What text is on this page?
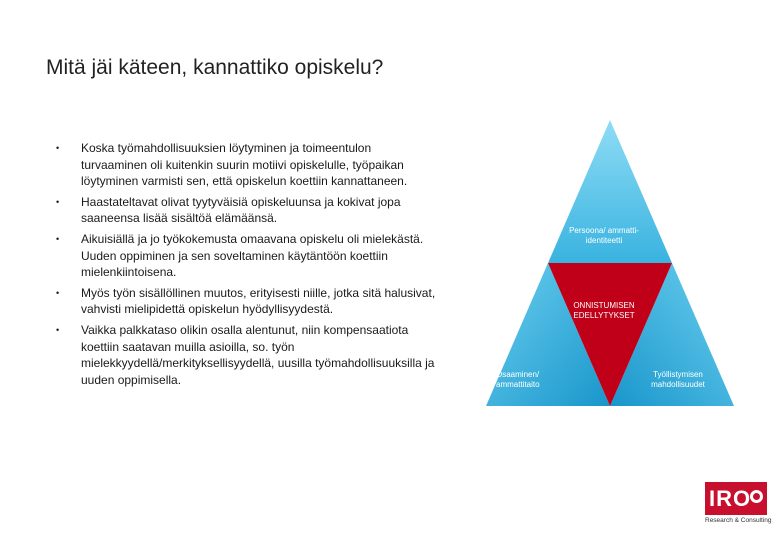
Mitä jäi käteen, kannattiko opiskelu?
• Koska työmahdollisuuksien löytyminen ja toimeentulon turvaaminen oli kuitenkin suurin motiivi opiskelulle, työpaikan löytyminen varmisti sen, että opiskelun koettiin kannattaneen.
• Haastateltavat olivat tyytyväisiä opiskeluunsa ja kokivat jopa saaneensa lisää sisältöä elämäänsä.
• Aikuisiällä ja jo työkokemusta omaavana opiskelu oli mielekästä. Uuden oppiminen ja sen soveltaminen käytäntöön koettiin mielenkiintoisena.
• Myös työn sisällöllinen muutos, erityisesti niille, jotka sitä halusivat, vahvisti mielipidettä opiskelun hyödyllisyydestä.
• Vaikka palkkataso olikin osalla alentunut, niin kompensaatiota koettiin saatavan muilla asioilla, so. työn mielekkyydellä/merkityksellisyydellä, uusilla työmahdollisuuksilla ja uuden oppimisella.
Persoona/ ammatti-identiteetti
ONNISTUMISEN EDELLYTYKSET
Osaaminen/ ammattitaito
Työllistymisen mahdollisuudet
IRO
Research & Consulting
